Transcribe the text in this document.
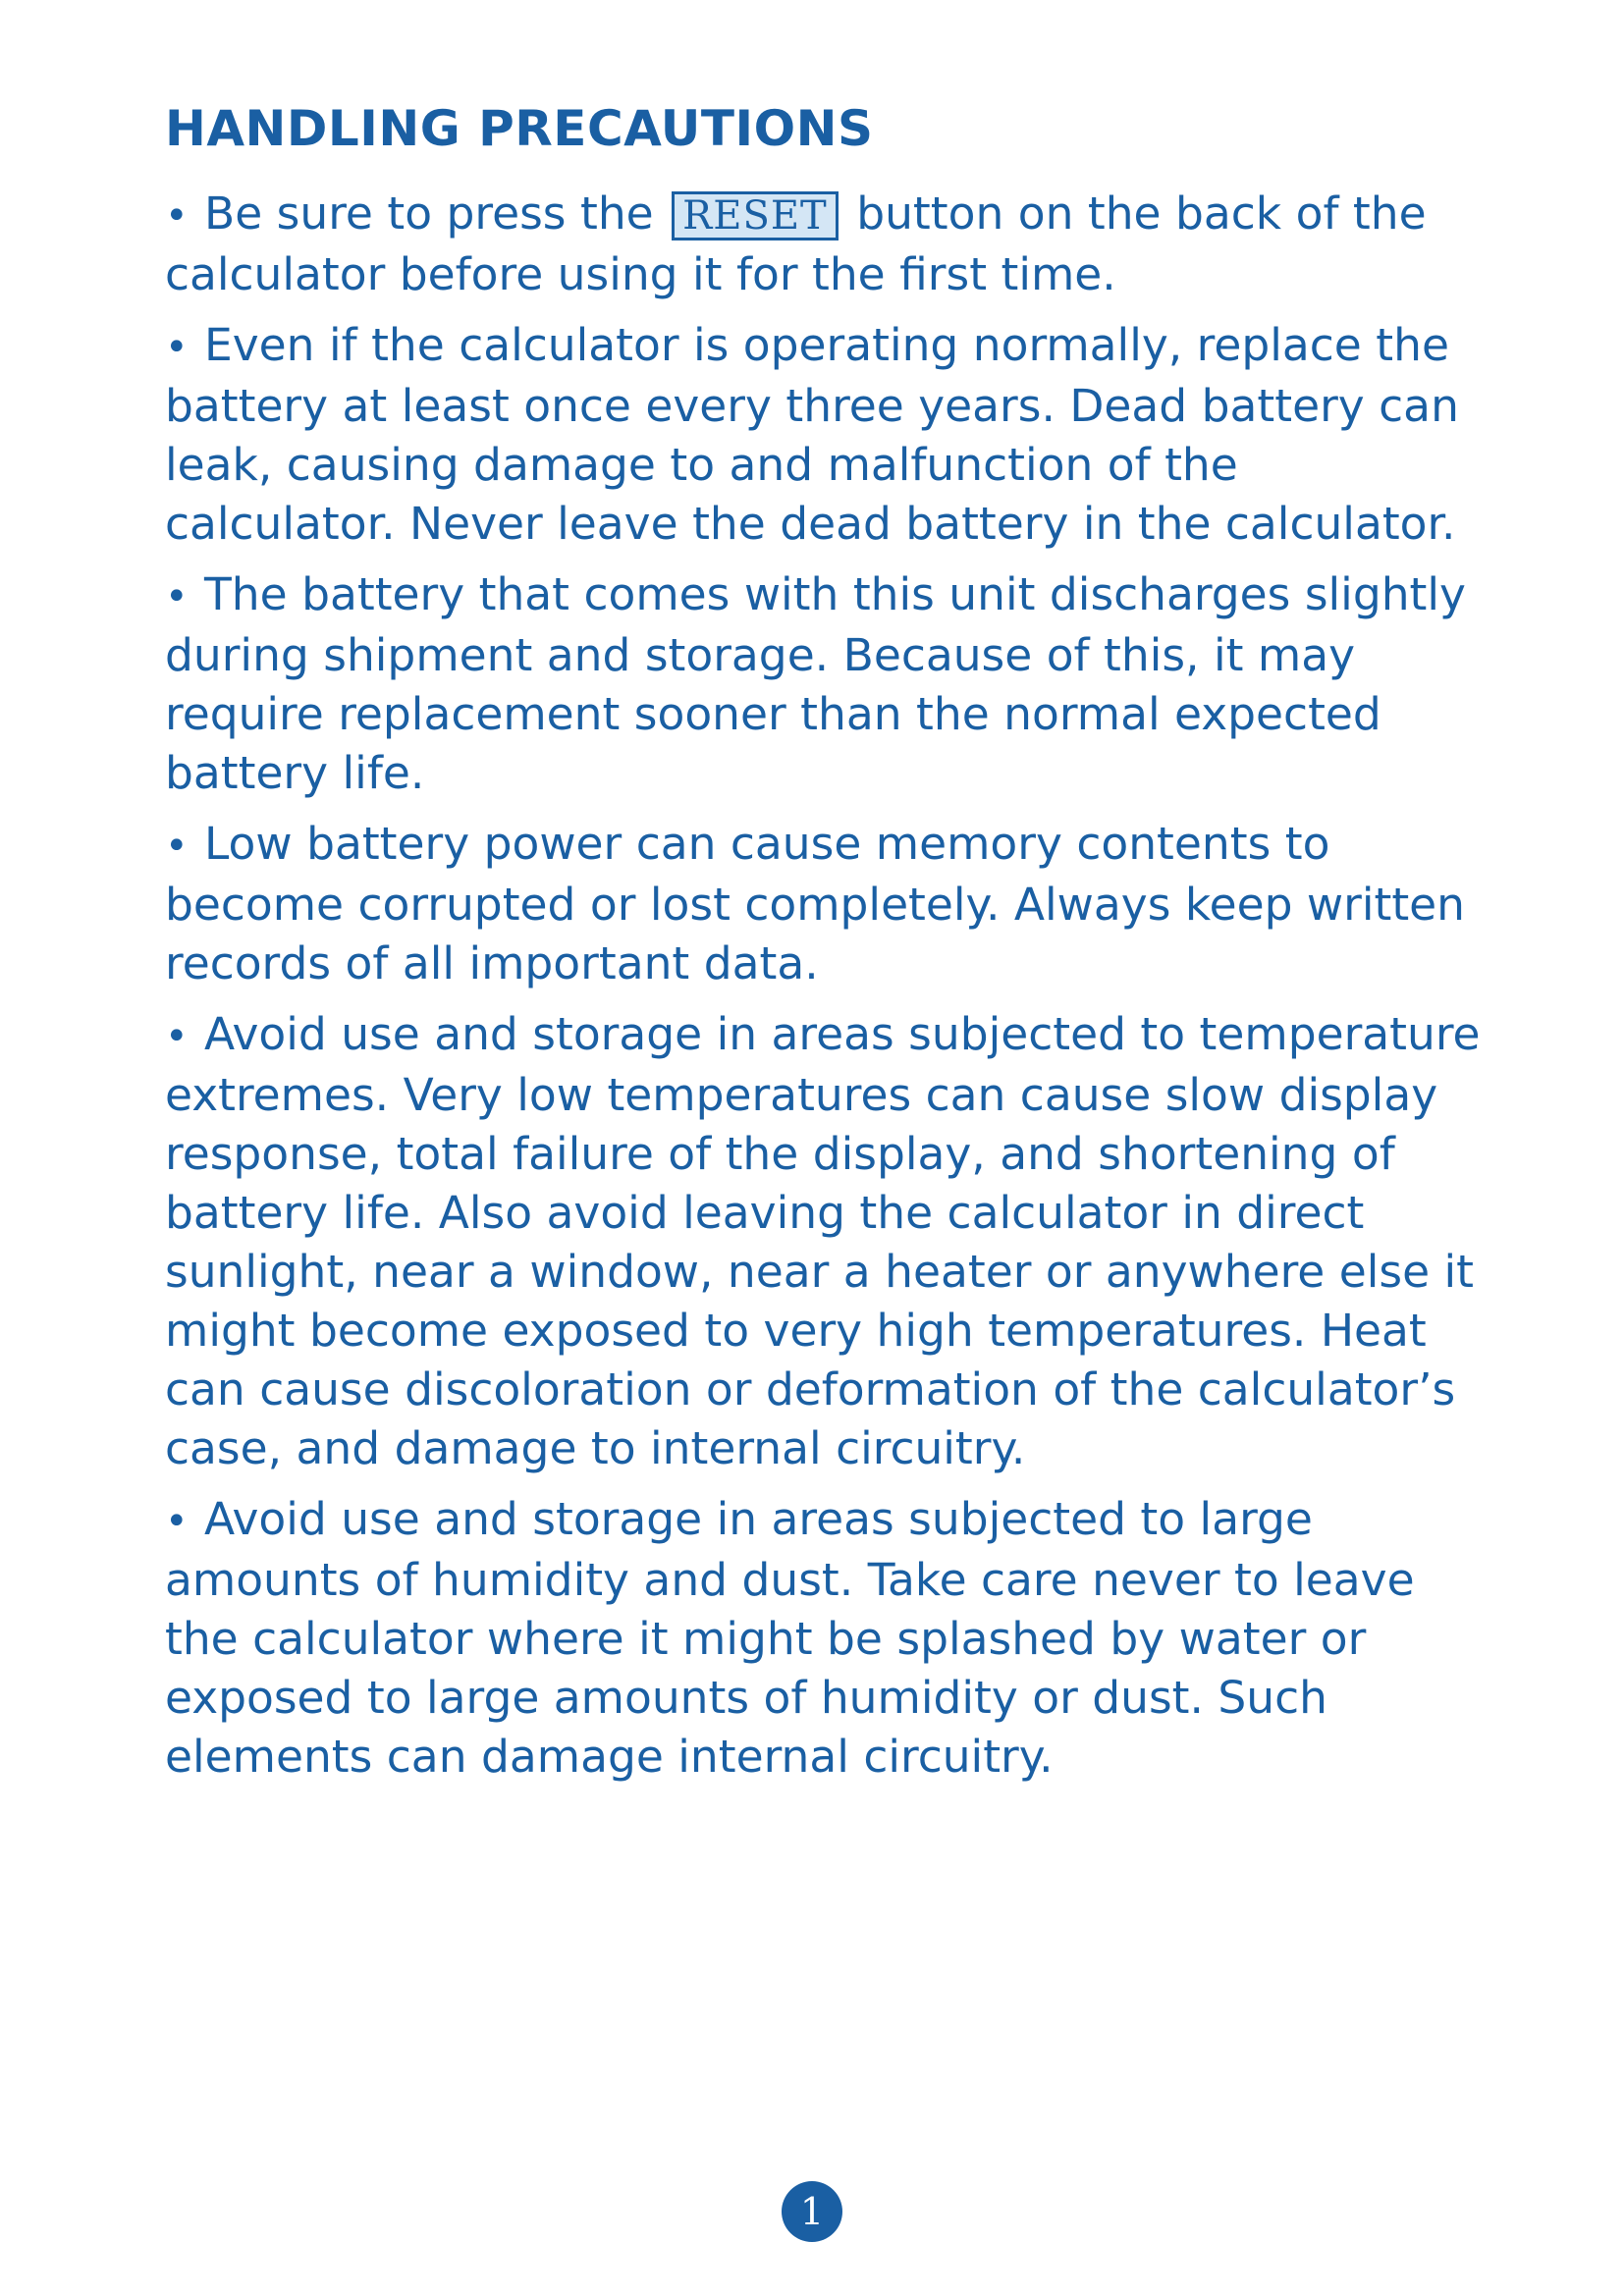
HANDLING PRECAUTIONS

• Be sure to press the RESET button on the back of the calculator before using it for the first time.

• Even if the calculator is operating normally, replace the battery at least once every three years. Dead battery can leak, causing damage to and malfunction of the calculator. Never leave the dead battery in the calculator.

• The battery that comes with this unit discharges slightly during shipment and storage. Because of this, it may require replacement sooner than the normal expected battery life.

• Low battery power can cause memory contents to become corrupted or lost completely. Always keep written records of all important data.

• Avoid use and storage in areas subjected to temperature extremes. Very low temperatures can cause slow display response, total failure of the display, and shortening of battery life. Also avoid leaving the calculator in direct sunlight, near a window, near a heater or anywhere else it might become exposed to very high temperatures. Heat can cause discoloration or deformation of the calculator’s case, and damage to internal circuitry.

• Avoid use and storage in areas subjected to large amounts of humidity and dust. Take care never to leave the calculator where it might be splashed by water or exposed to large amounts of humidity or dust. Such elements can damage internal circuitry.

1
